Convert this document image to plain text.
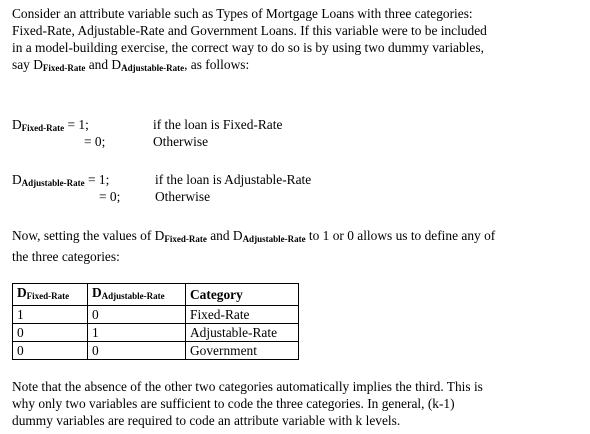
Consider an attribute variable such as Types of Mortgage Loans with three categories:
Fixed-Rate, Adjustable-Rate and Government Loans. If this variable were to be included
in a model-building exercise, the correct way to do so is by using two dummy variables,
say $D_{Fixed-Rate}$ and $D_{Adjustable-Rate}$, as follows:
$D_{Fixed-Rate} = 1$;	if the loan is Fixed-Rate
= 0;	Otherwise
$D_{Adjustable-Rate} = 1$;	if the loan is Adjustable-Rate
= 0;	Otherwise
Now, setting the values of $D_{Fixed-Rate}$ and $D_{Adjustable-Rate}$ to 1 or 0 allows us to define any of
the three categories:
$D_{Fixed-Rate}$	$D_{Adjustable-Rate}$	Category
1	0	Fixed-Rate
0	1	Adjustable-Rate
0	0	Government
Note that the absence of the other two categories automatically implies the third. This is
why only two variables are sufficient to code the three categories. In general, (k-1)
dummy variables are required to code an attribute variable with k levels.
